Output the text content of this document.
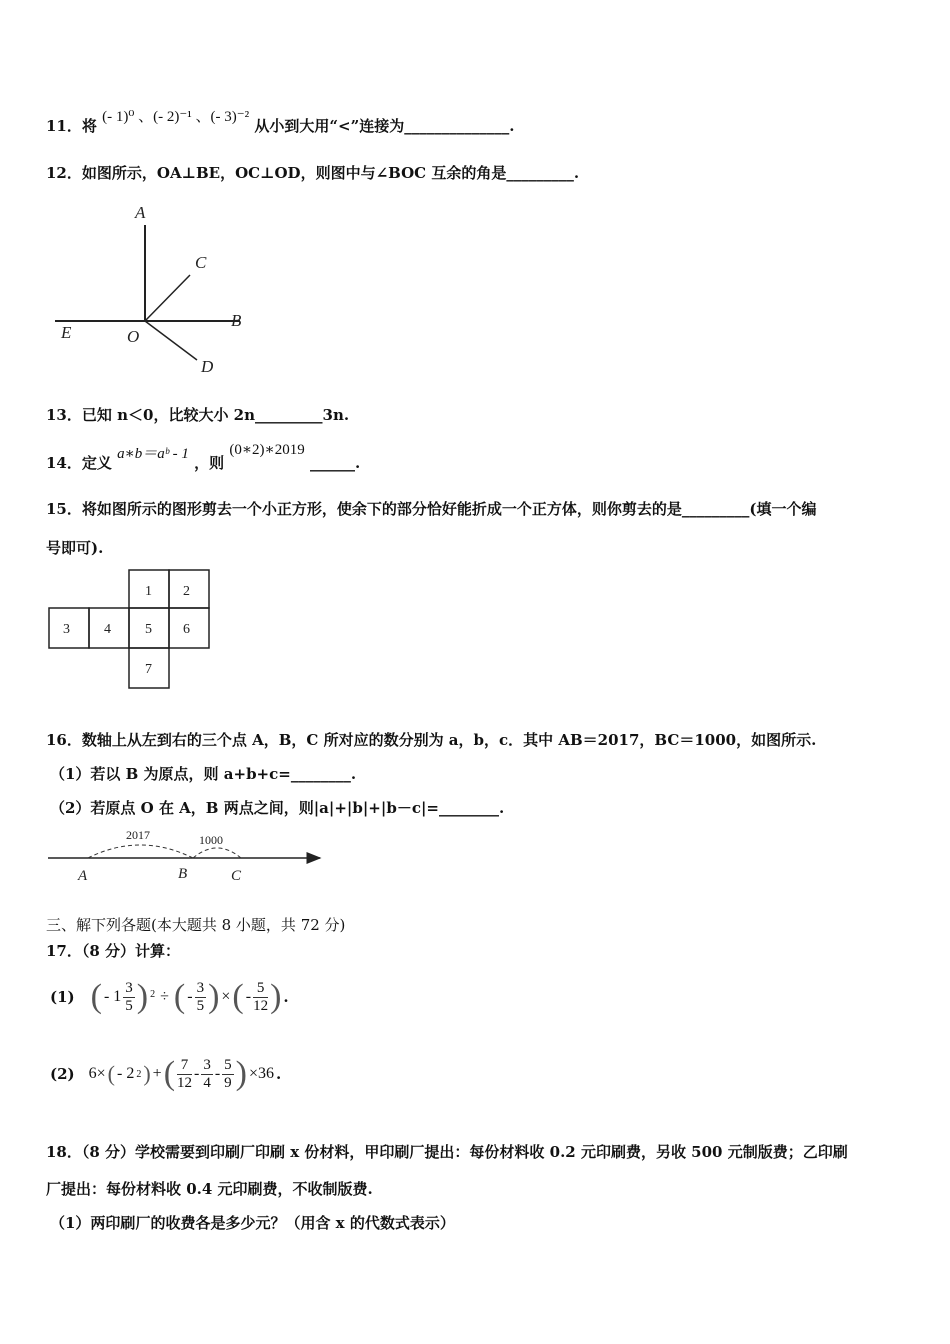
11．将 (- 1)⁰ 、(- 2)⁻¹ 、(- 3)⁻² 从小到大用“<”连接为______________.
12．如图所示，OA⊥BE，OC⊥OD，则图中与∠BOC 互余的角是_________.
A
C
E	O
B
D
13．已知 n＜0，比较大小 2n_________3n.
14．定义 a∗b＝aᵇ - 1 ，则 (0∗2)∗2019 ______.
15．将如图所示的图形剪去一个小正方形，使余下的部分恰好能折成一个正方体，则你剪去的是_________(填一个编
号即可).
1 2
3 4 5 6
7
16．数轴上从左到右的三个点 A，B，C 所对应的数分别为 a，b，c．其中 AB＝2017，BC＝1000，如图所示.
（1）若以 B 为原点，则 a+b+c=________.
（2）若原点 O 在 A，B 两点之间，则|a|+|b|+|b－c|=________.
2017	1000
A	B	C
三、解下列各题(本大题共 8 小题，共 72 分)
17．（8 分）计算：
(1) ( - $1 \frac{3}{5} )^2$ ÷ ( - $\frac{3}{5}$ ) × ( - $\frac{5}{12}$ ) .
(2) 6× ( - 2 2 ) + ( $\frac{7}{12} - \frac{3}{4} - \frac{5}{9}$ ) ×36 .
18．（8 分）学校需要到印刷厂印刷 x 份材料，甲印刷厂提出：每份材料收 0.2 元印刷费，另收 500 元制版费；乙印刷
厂提出：每份材料收 0.4 元印刷费，不收制版费.
（1）两印刷厂的收费各是多少元？（用含 x 的代数式表示）
